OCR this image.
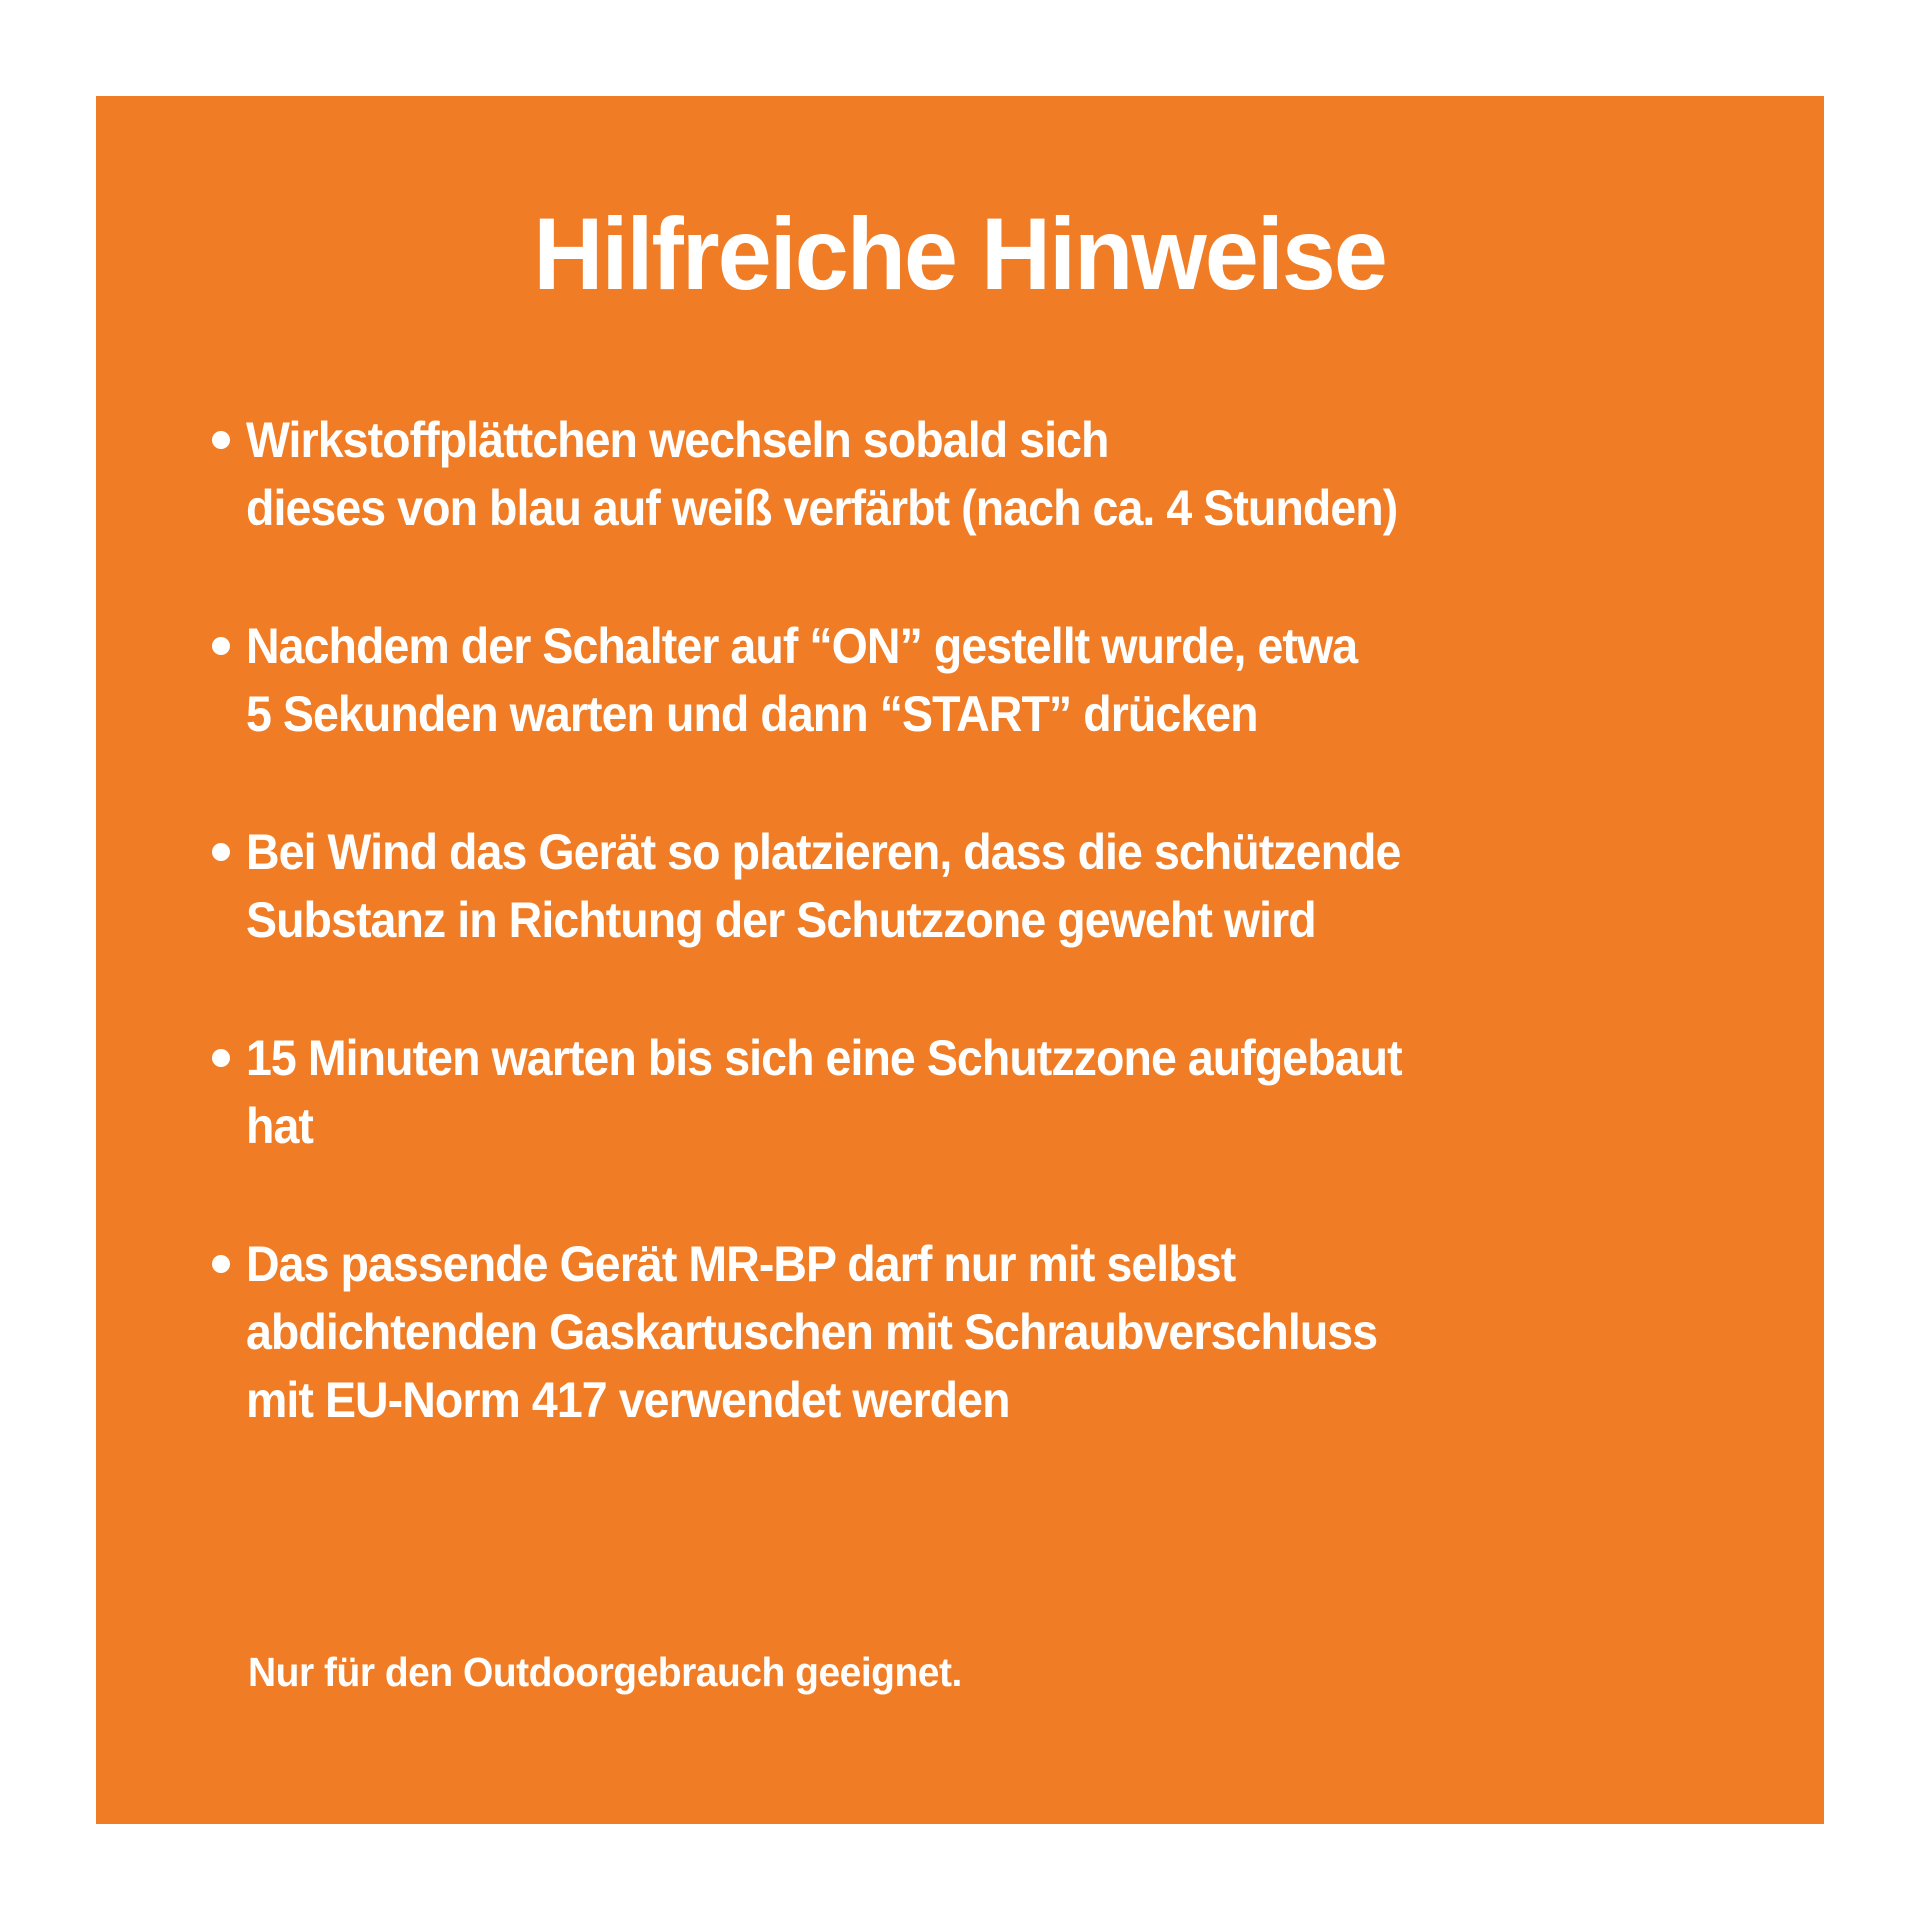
Hilfreiche Hinweise
Wirkstoffplättchen wechseln sobald sich
dieses von blau auf weiß verfärbt (nach ca. 4 Stunden)
Nachdem der Schalter auf “ON” gestellt wurde, etwa
5 Sekunden warten und dann “START” drücken
Bei Wind das Gerät so platzieren, dass die schützende
Substanz in Richtung der Schutzzone geweht wird
15 Minuten warten bis sich eine Schutzzone aufgebaut
hat
Das passende Gerät MR-BP darf nur mit selbst
abdichtenden Gaskartuschen mit Schraubverschluss
mit EU-Norm 417 verwendet werden
Nur für den Outdoorgebrauch geeignet.
